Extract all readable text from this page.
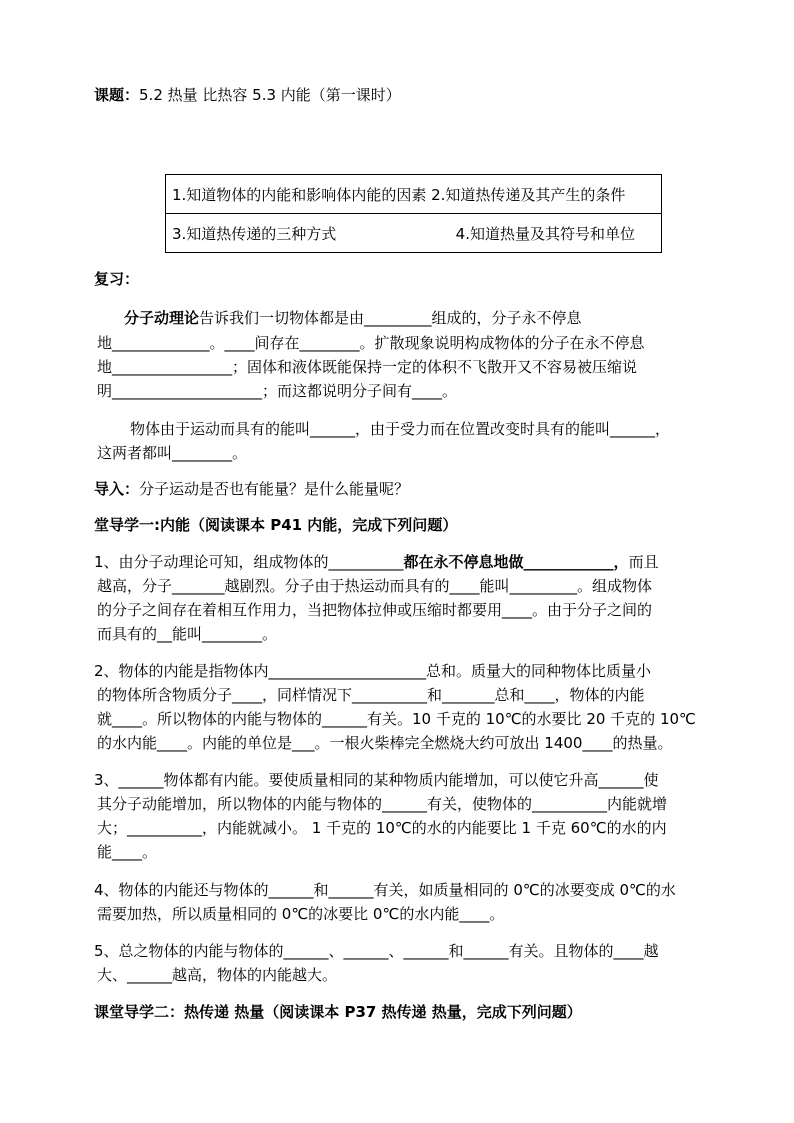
课题：5.2 热量 比热容 5.3 内能（第一课时）
1.知道物体的内能和影响体内能的因素 2.知道热传递及其产生的条件

3.知道热传递的三种方式	4.知道热量及其符号和单位
复习：
分子动理论告诉我们一切物体都是由_________组成的，分子永不停息
地_____________。____间存在________。扩散现象说明构成物体的分子在永不停息
地________________；固体和液体既能保持一定的体积不飞散开又不容易被压缩说
明____________________；而这都说明分子间有____。
物体由于运动而具有的能叫______，由于受力而在位置改变时具有的能叫______，
这两者都叫________。
导入：分子运动是否也有能量？是什么能量呢？
堂导学一:内能（阅读课本 P41 内能，完成下列问题）
1、由分子动理论可知，组成物体的__________都在永不停息地做____________，而且
越高，分子_______越剧烈。分子由于热运动而具有的____能叫_________。组成物体
的分子之间存在着相互作用力，当把物体拉伸或压缩时都要用____。由于分子之间的
而具有的__能叫________。
2、物体的内能是指物体内_____________________总和。质量大的同种物体比质量小
的物体所含物质分子____，同样情况下__________和_______总和____，物体的内能
就____。所以物体的内能与物体的______有关。10 千克的 10℃的水要比 20 千克的 10℃
的水内能____。内能的单位是___。一根火柴棒完全燃烧大约可放出 1400____的热量。
3、______物体都有内能。要使质量相同的某种物质内能增加，可以使它升高______使
其分子动能增加，所以物体的内能与物体的______有关，使物体的__________内能就增
大；__________，内能就减小。 1 千克的 10℃的水的内能要比 1 千克 60℃的水的内
能____。
4、物体的内能还与物体的______和______有关，如质量相同的 0℃的冰要变成 0℃的水
需要加热，所以质量相同的 0℃的冰要比 0℃的水内能____。
5、总之物体的内能与物体的______、______、______和______有关。且物体的____越
大、______越高，物体的内能越大。
课堂导学二：热传递 热量（阅读课本 P37 热传递 热量，完成下列问题）
